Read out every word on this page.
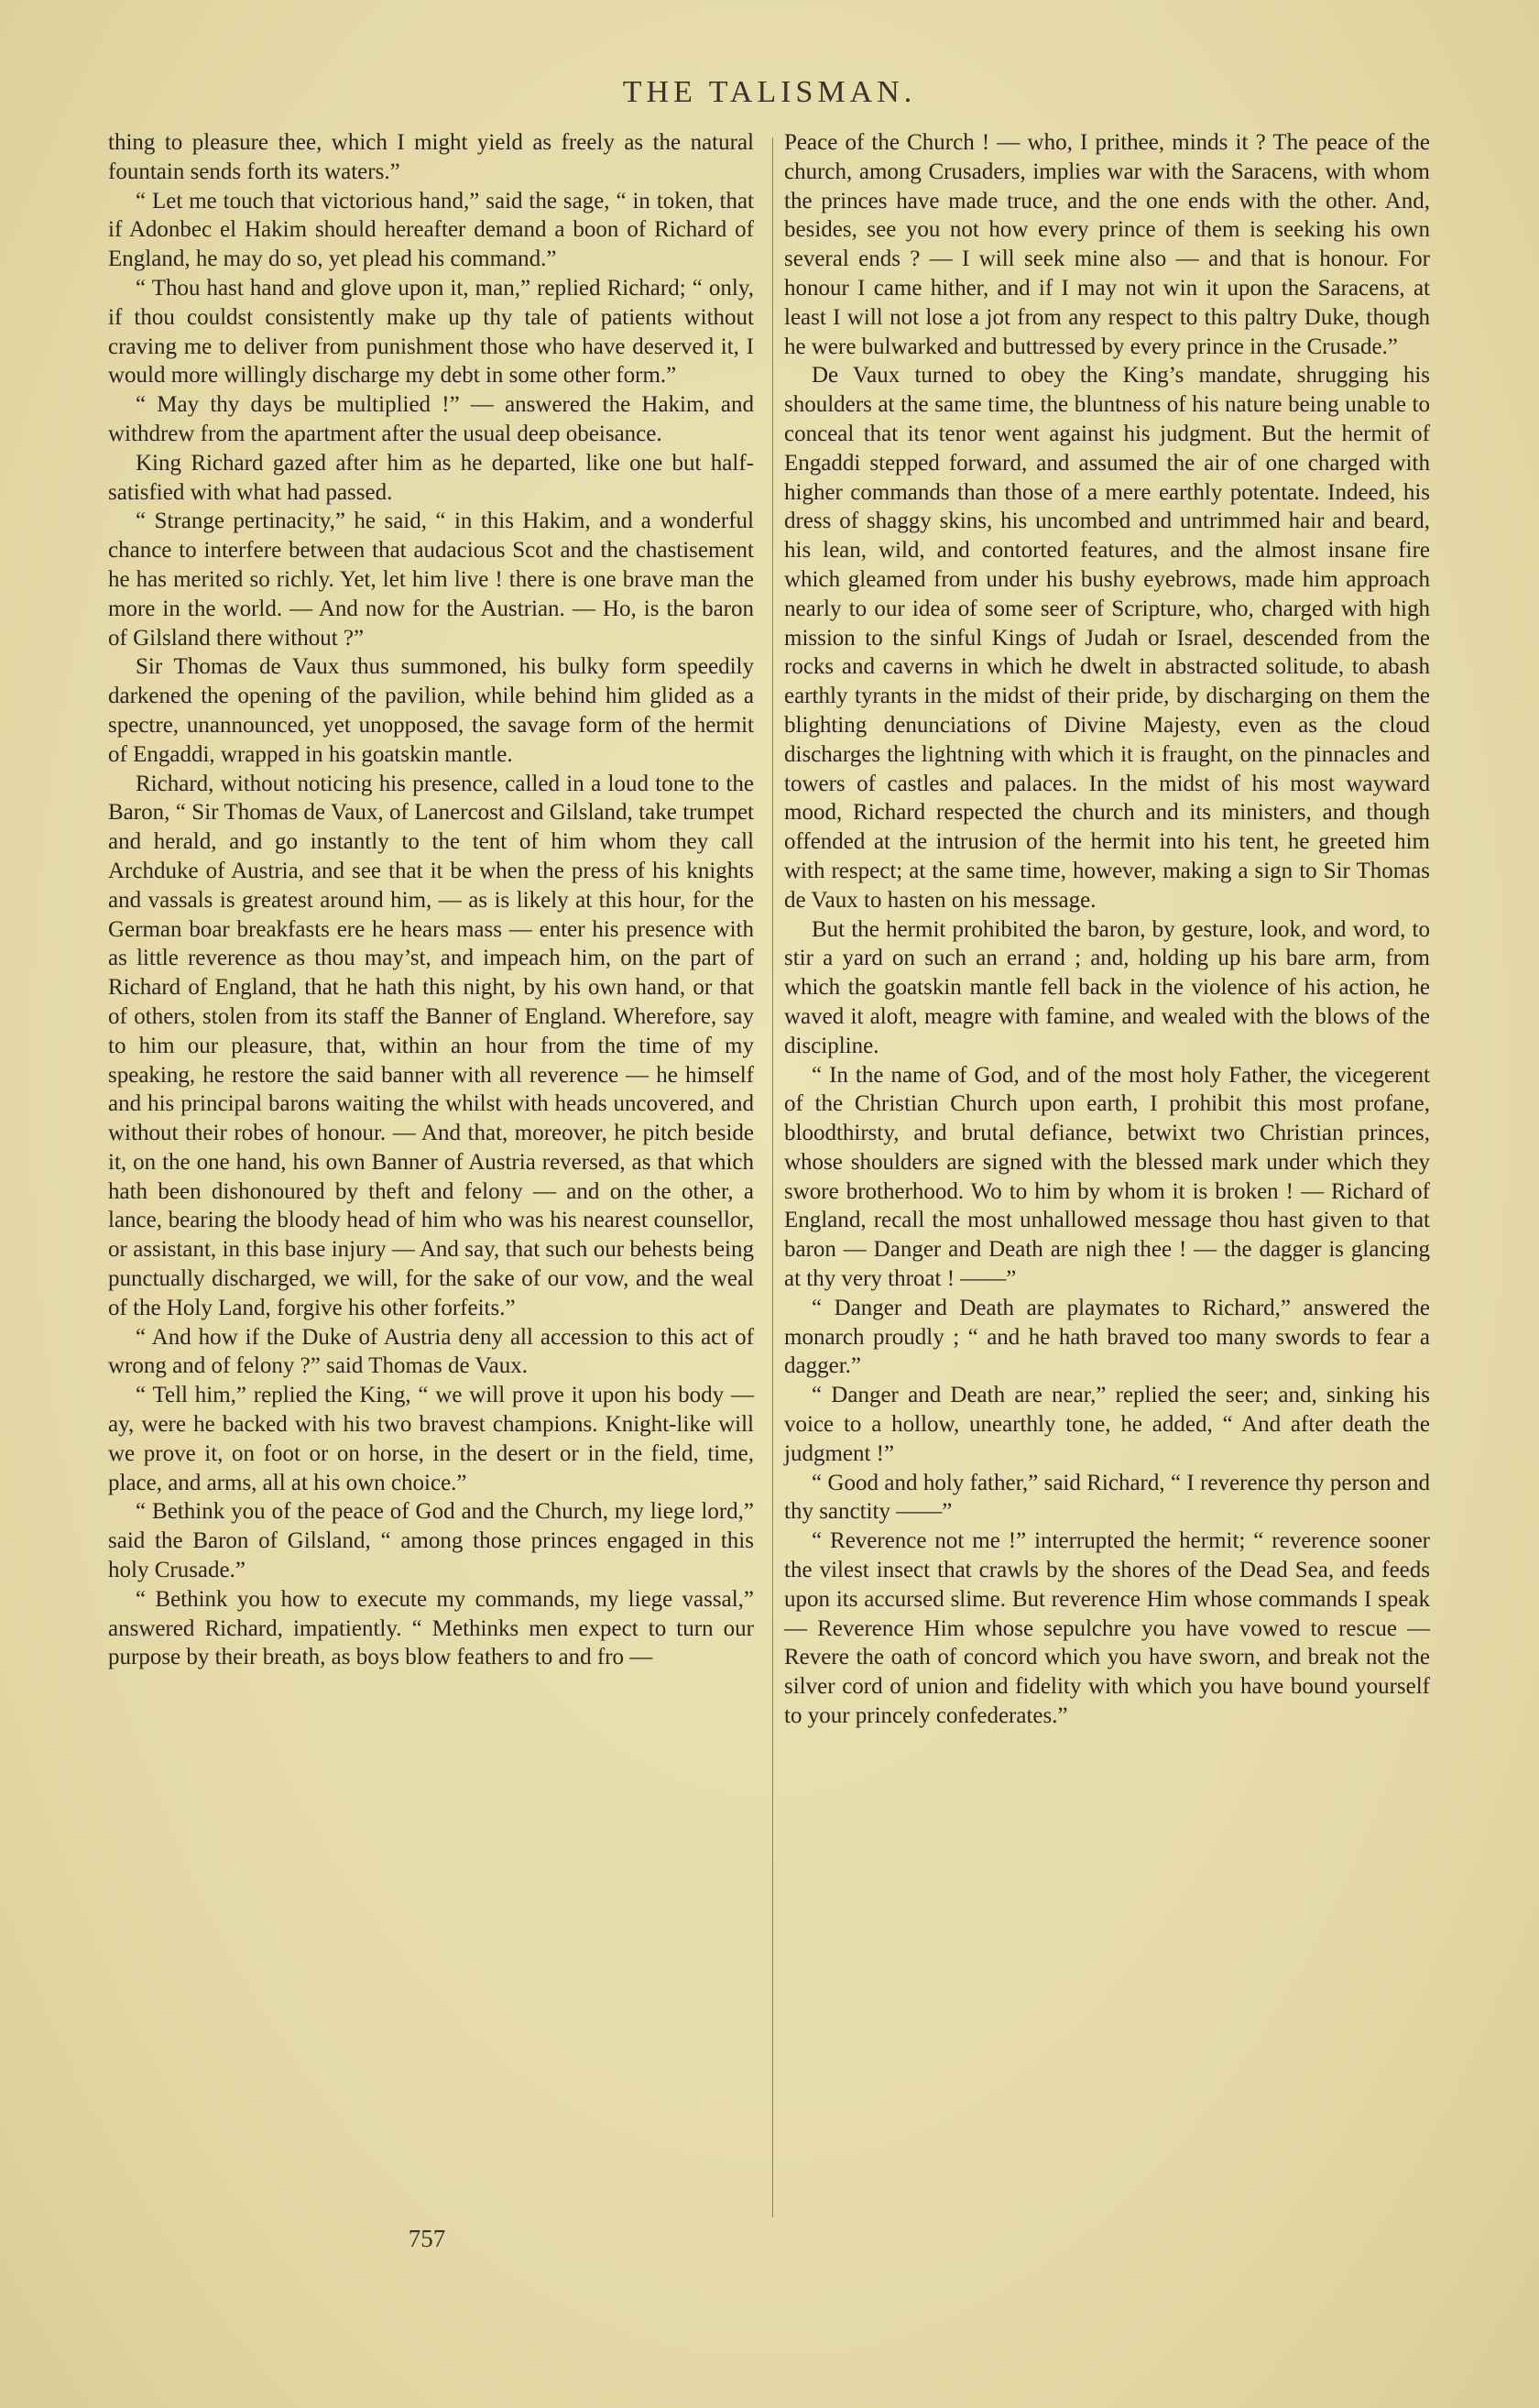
THE TALISMAN.

thing to pleasure thee, which I might yield as freely as the natural fountain sends forth its waters.”

“ Let me touch that victorious hand,” said the sage, “ in token, that if Adonbec el Hakim should hereafter demand a boon of Richard of England, he may do so, yet plead his command.”

“ Thou hast hand and glove upon it, man,” replied Richard; “ only, if thou couldst consistently make up thy tale of patients without craving me to deliver from punishment those who have deserved it, I would more willingly discharge my debt in some other form.”

“ May thy days be multiplied !” — answered the Hakim, and withdrew from the apartment after the usual deep obeisance.

King Richard gazed after him as he departed, like one but half-satisfied with what had passed.

“ Strange pertinacity,” he said, “ in this Hakim, and a wonderful chance to interfere between that audacious Scot and the chastisement he has merited so richly. Yet, let him live ! there is one brave man the more in the world. — And now for the Austrian. — Ho, is the baron of Gilsland there without ?”

Sir Thomas de Vaux thus summoned, his bulky form speedily darkened the opening of the pavilion, while behind him glided as a spectre, unannounced, yet unopposed, the savage form of the hermit of Engaddi, wrapped in his goatskin mantle.

Richard, without noticing his presence, called in a loud tone to the Baron, “ Sir Thomas de Vaux, of Lanercost and Gilsland, take trumpet and herald, and go instantly to the tent of him whom they call Archduke of Austria, and see that it be when the press of his knights and vassals is greatest around him, — as is likely at this hour, for the German boar breakfasts ere he hears mass — enter his presence with as little reverence as thou may’st, and impeach him, on the part of Richard of England, that he hath this night, by his own hand, or that of others, stolen from its staff the Banner of England. Wherefore, say to him our pleasure, that, within an hour from the time of my speaking, he restore the said banner with all reverence — he himself and his principal barons waiting the whilst with heads uncovered, and without their robes of honour. — And that, moreover, he pitch beside it, on the one hand, his own Banner of Austria reversed, as that which hath been dishonoured by theft and felony — and on the other, a lance, bearing the bloody head of him who was his nearest counsellor, or assistant, in this base injury — And say, that such our behests being punctually discharged, we will, for the sake of our vow, and the weal of the Holy Land, forgive his other forfeits.”

“ And how if the Duke of Austria deny all accession to this act of wrong and of felony ?” said Thomas de Vaux.

“ Tell him,” replied the King, “ we will prove it upon his body — ay, were he backed with his two bravest champions. Knight-like will we prove it, on foot or on horse, in the desert or in the field, time, place, and arms, all at his own choice.”

“ Bethink you of the peace of God and the Church, my liege lord,” said the Baron of Gilsland, “ among those princes engaged in this holy Crusade.”

“ Bethink you how to execute my commands, my liege vassal,” answered Richard, impatiently. “ Methinks men expect to turn our purpose by their breath, as boys blow feathers to and fro —

Peace of the Church ! — who, I prithee, minds it ? The peace of the church, among Crusaders, implies war with the Saracens, with whom the princes have made truce, and the one ends with the other. And, besides, see you not how every prince of them is seeking his own several ends ? — I will seek mine also — and that is honour. For honour I came hither, and if I may not win it upon the Saracens, at least I will not lose a jot from any respect to this paltry Duke, though he were bulwarked and buttressed by every prince in the Crusade.”

De Vaux turned to obey the King’s mandate, shrugging his shoulders at the same time, the bluntness of his nature being unable to conceal that its tenor went against his judgment. But the hermit of Engaddi stepped forward, and assumed the air of one charged with higher commands than those of a mere earthly potentate. Indeed, his dress of shaggy skins, his uncombed and untrimmed hair and beard, his lean, wild, and contorted features, and the almost insane fire which gleamed from under his bushy eyebrows, made him approach nearly to our idea of some seer of Scripture, who, charged with high mission to the sinful Kings of Judah or Israel, descended from the rocks and caverns in which he dwelt in abstracted solitude, to abash earthly tyrants in the midst of their pride, by discharging on them the blighting denunciations of Divine Majesty, even as the cloud discharges the lightning with which it is fraught, on the pinnacles and towers of castles and palaces. In the midst of his most wayward mood, Richard respected the church and its ministers, and though offended at the intrusion of the hermit into his tent, he greeted him with respect; at the same time, however, making a sign to Sir Thomas de Vaux to hasten on his message.

But the hermit prohibited the baron, by gesture, look, and word, to stir a yard on such an errand ; and, holding up his bare arm, from which the goatskin mantle fell back in the violence of his action, he waved it aloft, meagre with famine, and wealed with the blows of the discipline.

“ In the name of God, and of the most holy Father, the vicegerent of the Christian Church upon earth, I prohibit this most profane, bloodthirsty, and brutal defiance, betwixt two Christian princes, whose shoulders are signed with the blessed mark under which they swore brotherhood. Wo to him by whom it is broken ! — Richard of England, recall the most unhallowed message thou hast given to that baron — Danger and Death are nigh thee ! — the dagger is glancing at thy very throat ! ——”

“ Danger and Death are playmates to Richard,” answered the monarch proudly ; “ and he hath braved too many swords to fear a dagger.”

“ Danger and Death are near,” replied the seer; and, sinking his voice to a hollow, unearthly tone, he added, “ And after death the judgment !”

“ Good and holy father,” said Richard, “ I reverence thy person and thy sanctity ——”

“ Reverence not me !” interrupted the hermit; “ reverence sooner the vilest insect that crawls by the shores of the Dead Sea, and feeds upon its accursed slime. But reverence Him whose commands I speak — Reverence Him whose sepulchre you have vowed to rescue — Revere the oath of concord which you have sworn, and break not the silver cord of union and fidelity with which you have bound yourself to your princely confederates.”

757
